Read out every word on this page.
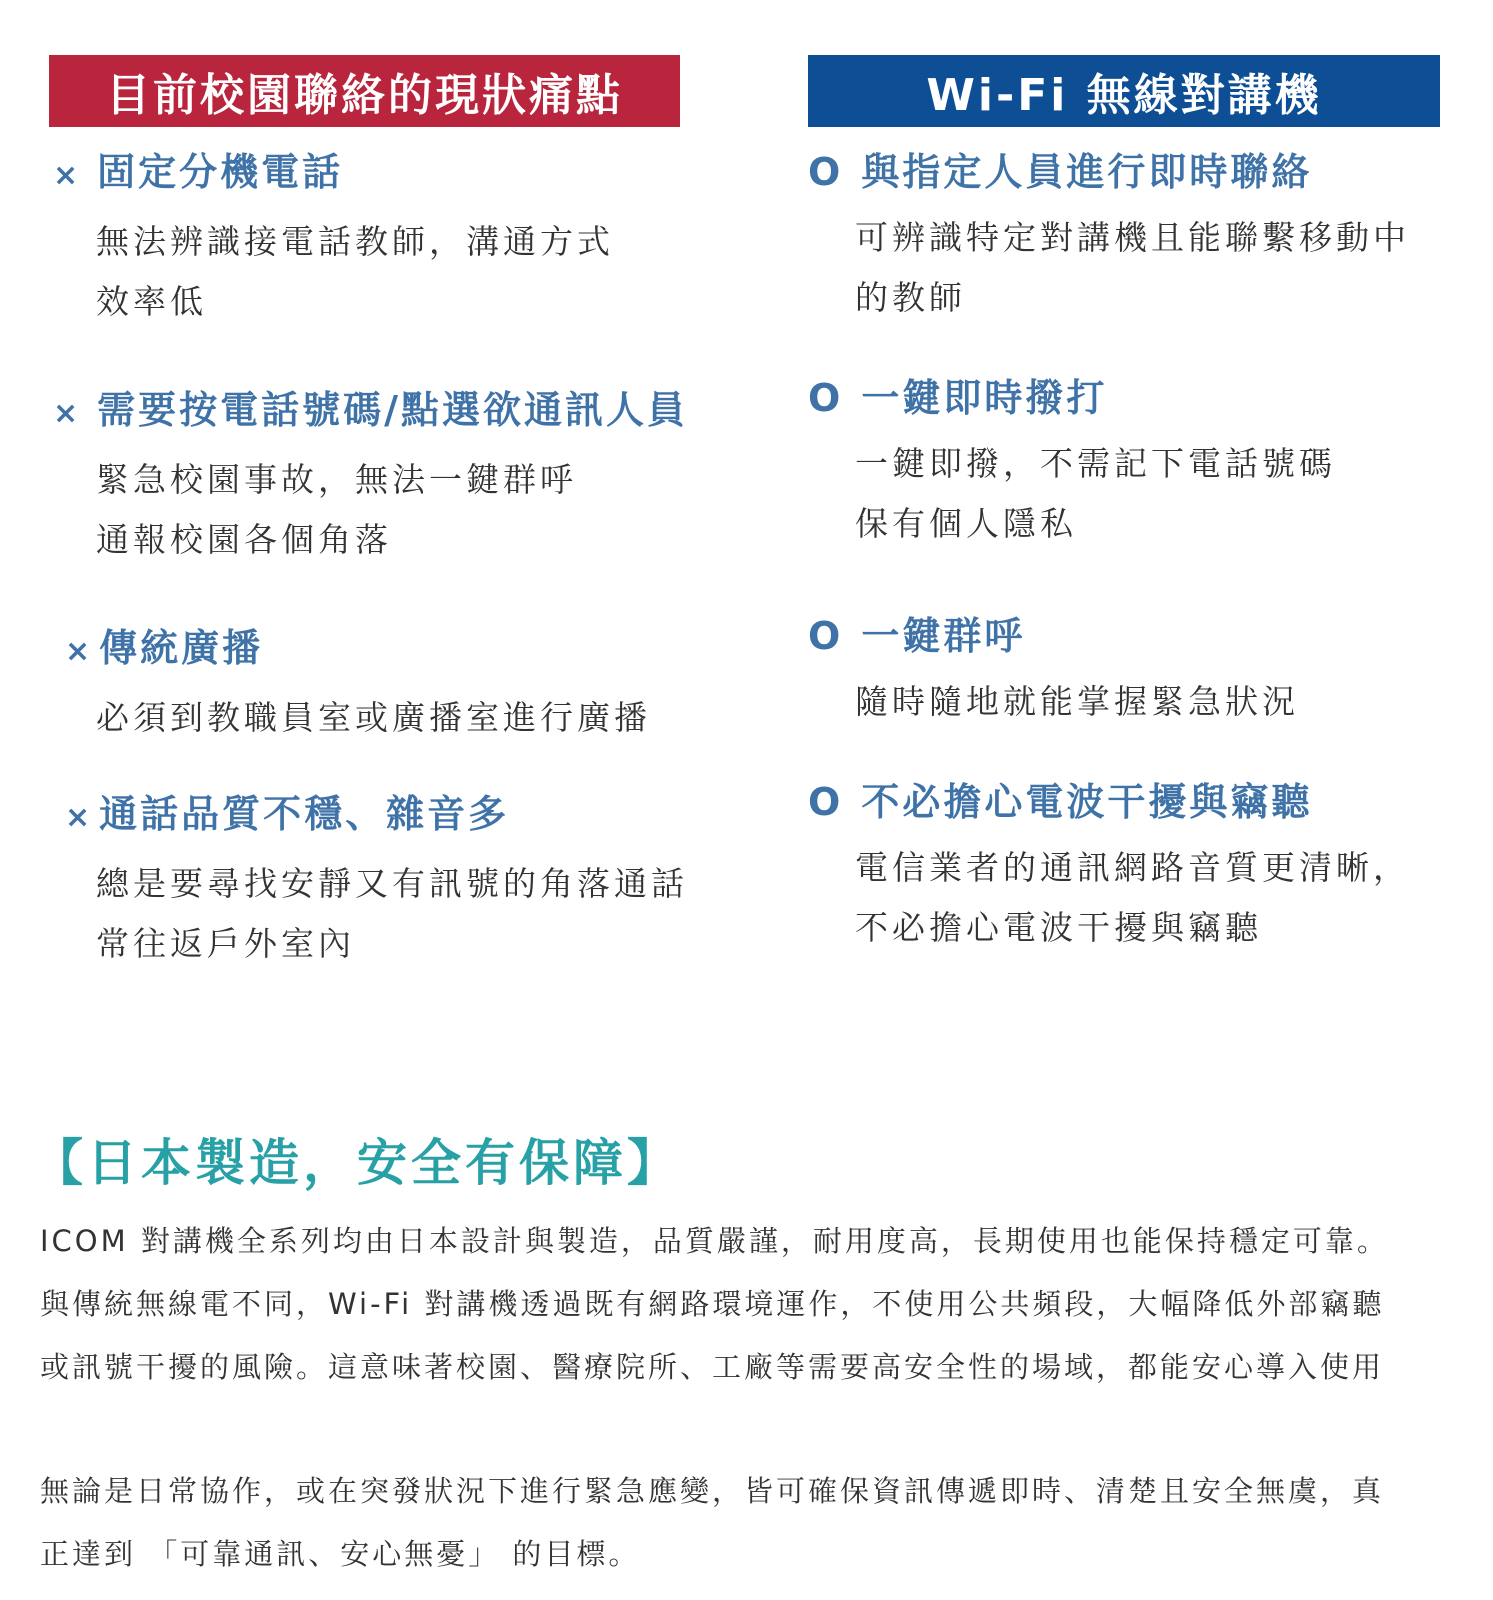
目前校園聯絡的現狀痛點	Wi-Fi 無線對講機
× 固定分機電話
無法辨識接電話教師，溝通方式
效率低
× 需要按電話號碼/點選欲通訊人員
緊急校園事故，無法一鍵群呼
通報校園各個角落
× 傳統廣播
必須到教職員室或廣播室進行廣播
× 通話品質不穩、雜音多
總是要尋找安靜又有訊號的角落通話
常往返戶外室內
O 與指定人員進行即時聯絡
可辨識特定對講機且能聯繫移動中
的教師
O 一鍵即時撥打
一鍵即撥，不需記下電話號碼
保有個人隱私
O 一鍵群呼
隨時隨地就能掌握緊急狀況
O 不必擔心電波干擾與竊聽
電信業者的通訊網路音質更清晰，
不必擔心電波干擾與竊聽
【日本製造，安全有保障】

ICOM 對講機全系列均由日本設計與製造，品質嚴謹，耐用度高，長期使用也能保持穩定可靠。

與傳統無線電不同，Wi-Fi 對講機透過既有網路環境運作，不使用公共頻段，大幅降低外部竊聽

或訊號干擾的風險。這意味著校園、醫療院所、工廠等需要高安全性的場域，都能安心導入使用

無論是日常協作，或在突發狀況下進行緊急應變，皆可確保資訊傳遞即時、清楚且安全無虞，真

正達到 「可靠通訊、安心無憂」 的目標。
